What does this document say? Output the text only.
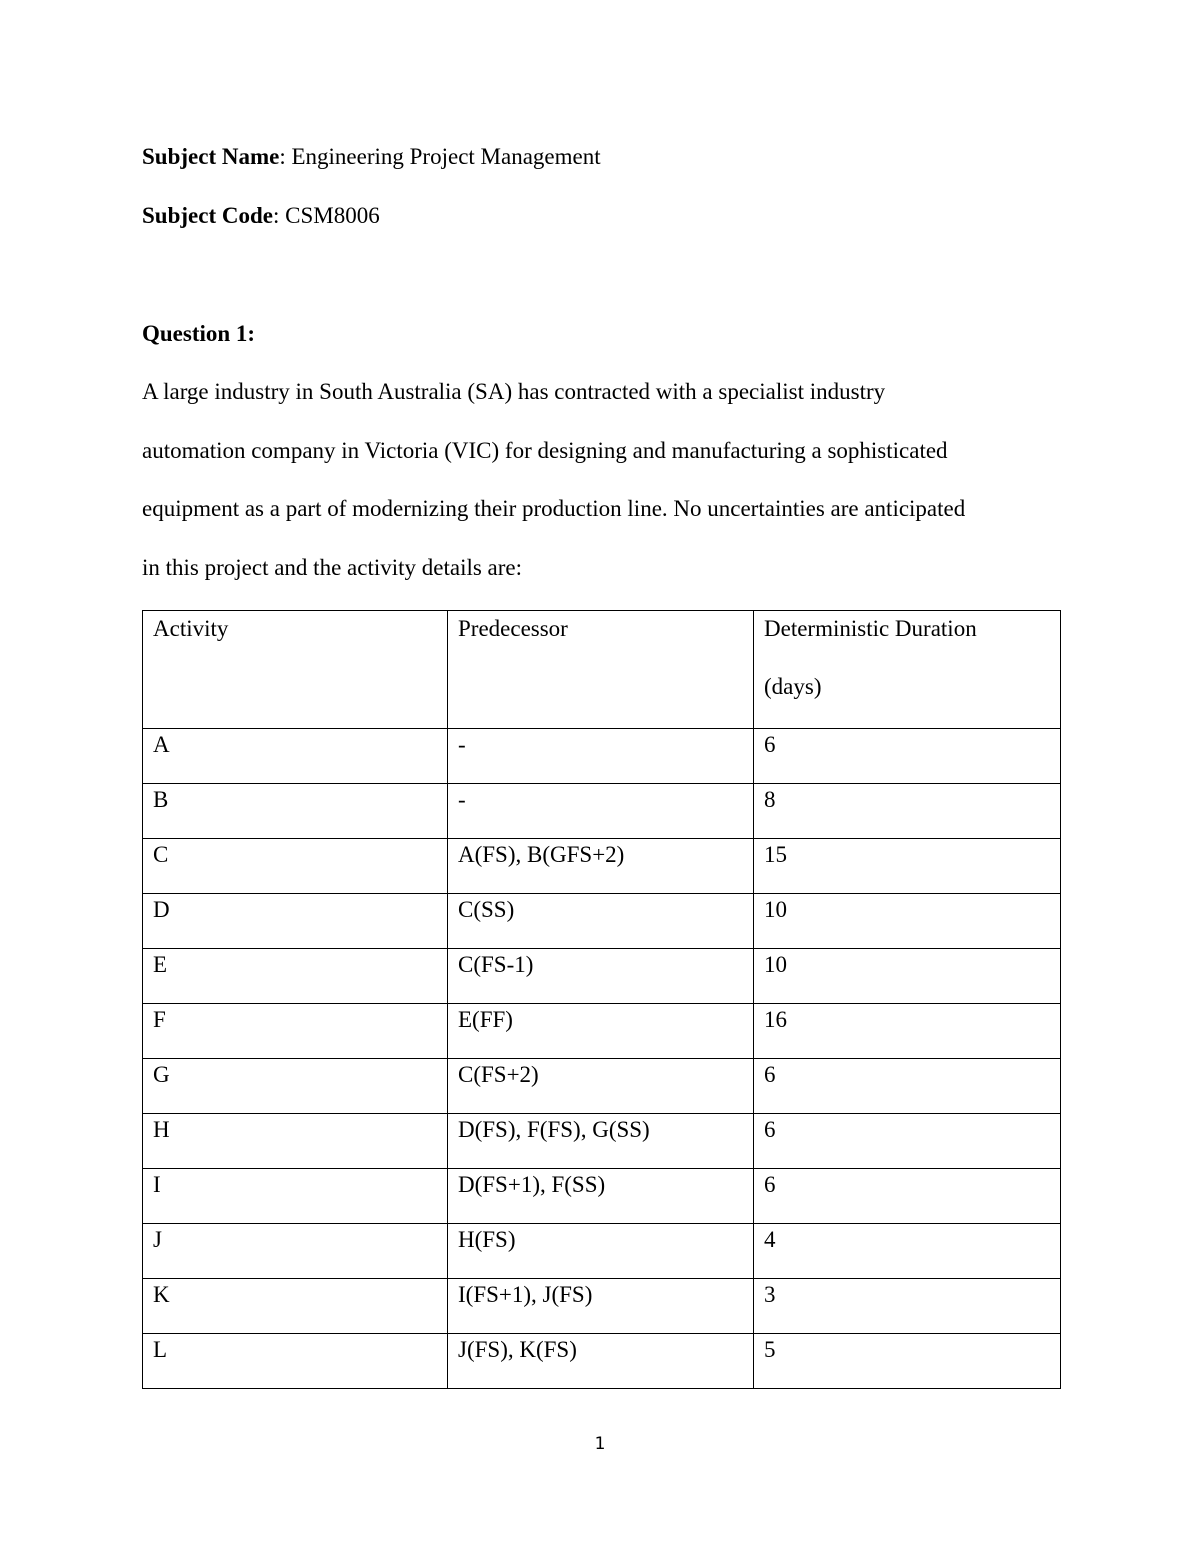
Subject Name: Engineering Project Management
Subject Code: CSM8006
Question 1:
A large industry in South Australia (SA) has contracted with a specialist industry
automation company in Victoria (VIC) for designing and manufacturing a sophisticated
equipment as a part of modernizing their production line. No uncertainties are anticipated
in this project and the activity details are:
Activity	Predecessor	Deterministic Duration
(days)

A	-	6
B	-	8
C	A(FS), B(GFS+2)	15
D	C(SS)	10
E	C(FS-1)	10
F	E(FF)	16
G	C(FS+2)	6
H	D(FS), F(FS), G(SS)	6
I	D(FS+1), F(SS)	6
J	H(FS)	4
K	I(FS+1), J(FS)	3
L	J(FS), K(FS)	5
1
